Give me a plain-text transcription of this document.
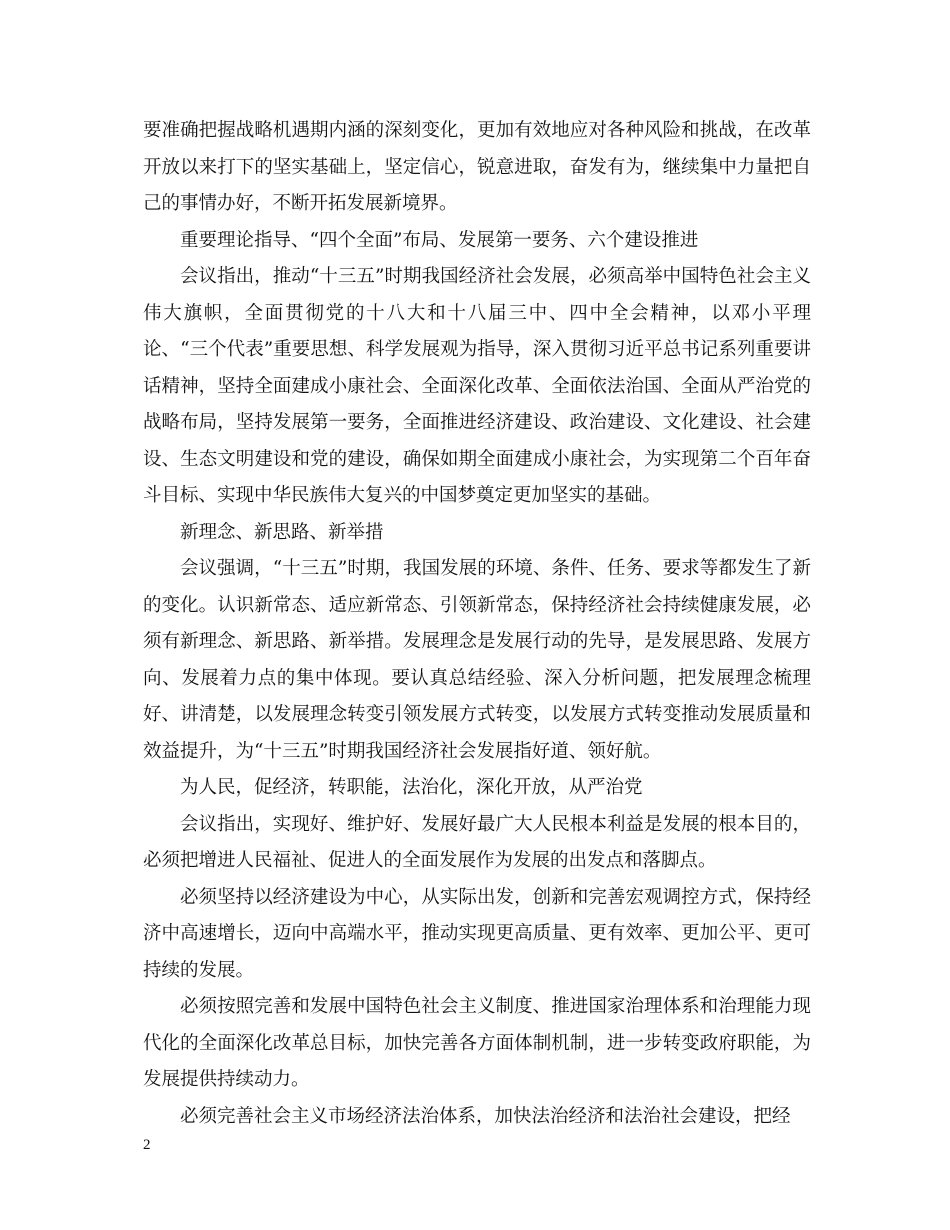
要准确把握战略机遇期内涵的深刻变化，更加有效地应对各种风险和挑战，在改革开放以来打下的坚实基础上，坚定信心，锐意进取，奋发有为，继续集中力量把自己的事情办好，不断开拓发展新境界。

重要理论指导、“四个全面”布局、发展第一要务、六个建设推进

会议指出，推动“十三五”时期我国经济社会发展，必须高举中国特色社会主义伟大旗帜，全面贯彻党的十八大和十八届三中、四中全会精神，以邓小平理论、“三个代表”重要思想、科学发展观为指导，深入贯彻习近平总书记系列重要讲话精神，坚持全面建成小康社会、全面深化改革、全面依法治国、全面从严治党的战略布局，坚持发展第一要务，全面推进经济建设、政治建设、文化建设、社会建设、生态文明建设和党的建设，确保如期全面建成小康社会，为实现第二个百年奋斗目标、实现中华民族伟大复兴的中国梦奠定更加坚实的基础。

新理念、新思路、新举措

会议强调，“十三五”时期，我国发展的环境、条件、任务、要求等都发生了新的变化。认识新常态、适应新常态、引领新常态，保持经济社会持续健康发展，必须有新理念、新思路、新举措。发展理念是发展行动的先导，是发展思路、发展方向、发展着力点的集中体现。要认真总结经验、深入分析问题，把发展理念梳理好、讲清楚，以发展理念转变引领发展方式转变，以发展方式转变推动发展质量和效益提升，为“十三五”时期我国经济社会发展指好道、领好航。

为人民，促经济，转职能，法治化，深化开放，从严治党

会议指出，实现好、维护好、发展好最广大人民根本利益是发展的根本目的，必须把增进人民福祉、促进人的全面发展作为发展的出发点和落脚点。

必须坚持以经济建设为中心，从实际出发，创新和完善宏观调控方式，保持经济中高速增长，迈向中高端水平，推动实现更高质量、更有效率、更加公平、更可持续的发展。

必须按照完善和发展中国特色社会主义制度、推进国家治理体系和治理能力现代化的全面深化改革总目标，加快完善各方面体制机制，进一步转变政府职能，为发展提供持续动力。

必须完善社会主义市场经济法治体系，加快法治经济和法治社会建设，把经

2
